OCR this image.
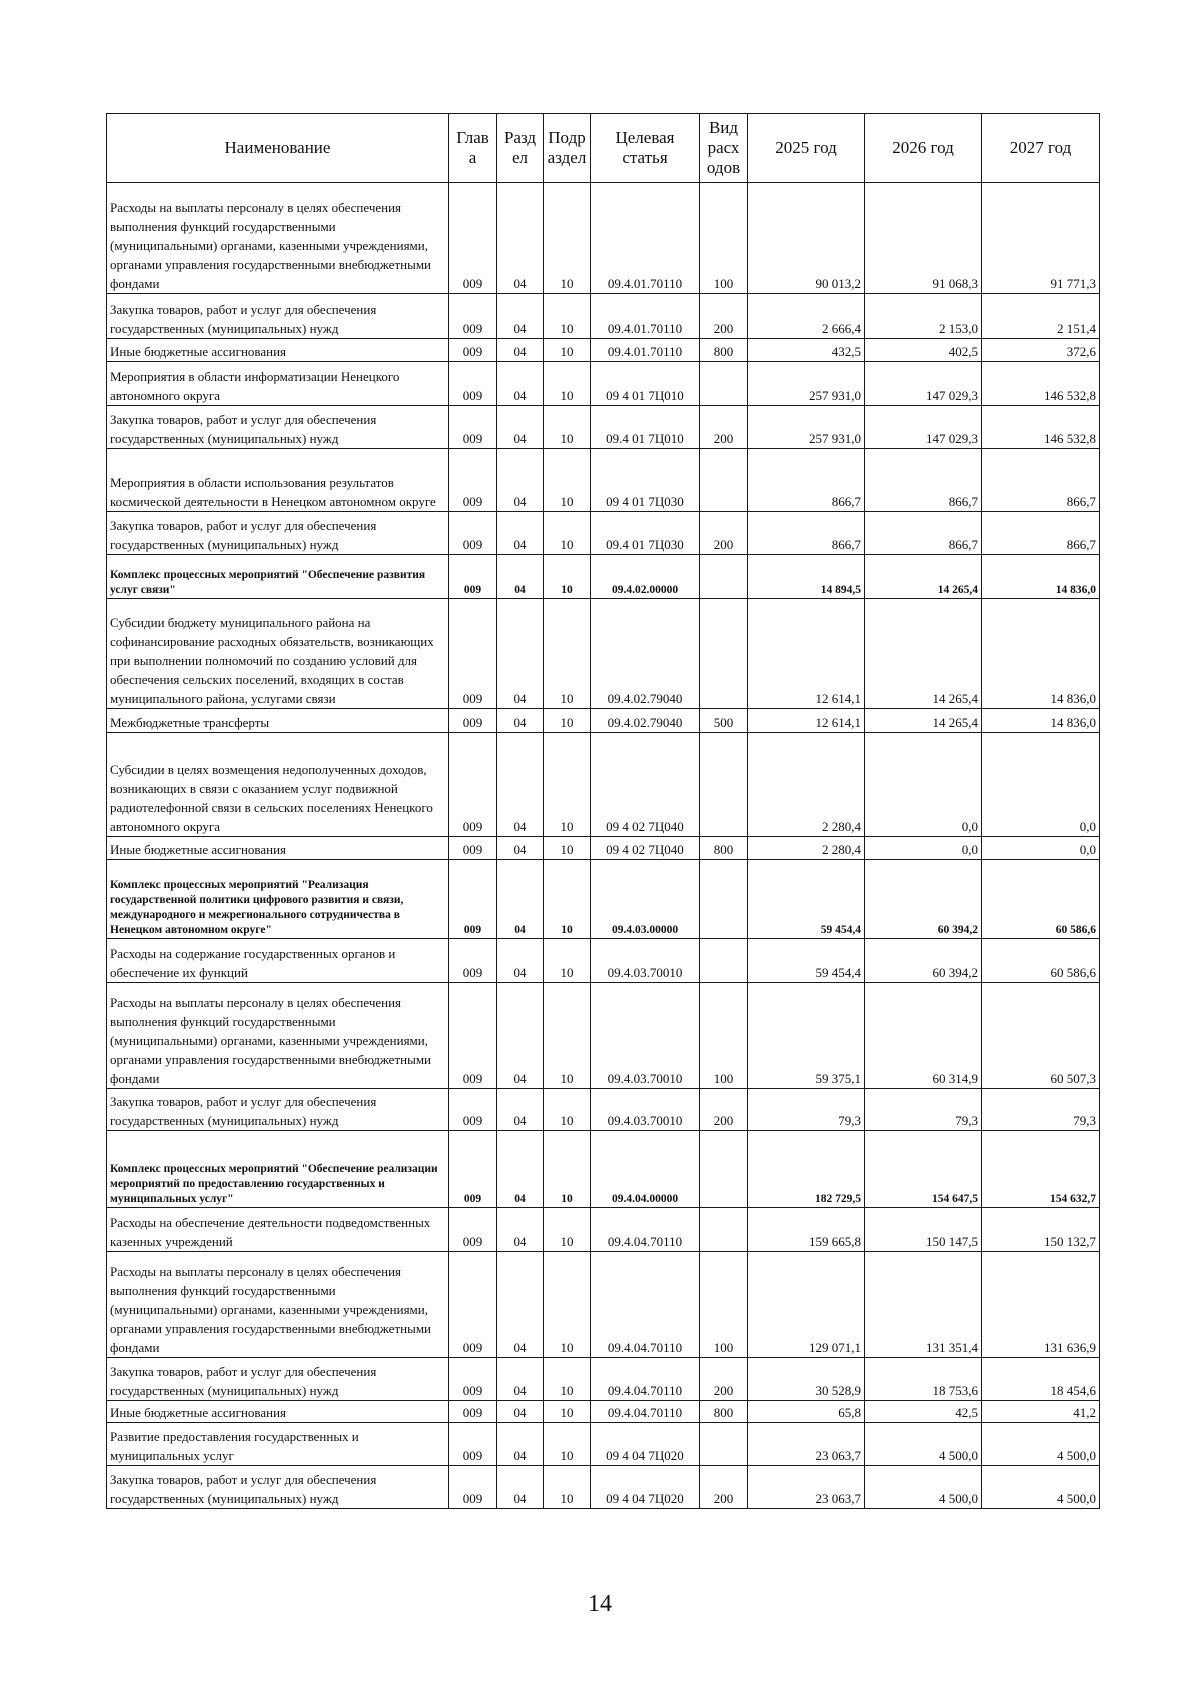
Наименование	Глав а	Разд ел	Подр аздел	Целевая статья	Вид расх одов	2025 год	2026 год	2027 год
Расходы на выплаты персоналу в целях обеспечения выполнения функций государственными (муниципальными) органами, казенными учреждениями, органами управления государственными внебюджетными фондами	009	04	10	09.4.01.70110	100	90 013,2	91 068,3	91 771,3
Закупка товаров, работ и услуг для обеспечения государственных (муниципальных) нужд	009	04	10	09.4.01.70110	200	2 666,4	2 153,0	2 151,4
Иные бюджетные ассигнования	009	04	10	09.4.01.70110	800	432,5	402,5	372,6
Мероприятия в области информатизации Ненецкого автономного округа	009	04	10	09 4 01 7Ц010		257 931,0	147 029,3	146 532,8
Закупка товаров, работ и услуг для обеспечения государственных (муниципальных) нужд	009	04	10	09.4 01 7Ц010	200	257 931,0	147 029,3	146 532,8
Мероприятия в области использования результатов космической деятельности в Ненецком автономном округе	009	04	10	09 4 01 7Ц030		866,7	866,7	866,7
Закупка товаров, работ и услуг для обеспечения государственных (муниципальных) нужд	009	04	10	09.4 01 7Ц030	200	866,7	866,7	866,7
Комплекс процессных мероприятий "Обеспечение развития услуг связи"	009	04	10	09.4.02.00000		14 894,5	14 265,4	14 836,0
Субсидии бюджету муниципального района на софинансирование расходных обязательств, возникающих при выполнении полномочий по созданию условий для обеспечения сельских поселений, входящих в состав муниципального района, услугами связи	009	04	10	09.4.02.79040		12 614,1	14 265,4	14 836,0
Межбюджетные трансферты	009	04	10	09.4.02.79040	500	12 614,1	14 265,4	14 836,0
Субсидии в целях возмещения недополученных доходов, возникающих в связи с оказанием услуг подвижной радиотелефонной связи в сельских поселениях Ненецкого автономного округа	009	04	10	09 4 02 7Ц040		2 280,4	0,0	0,0
Иные бюджетные ассигнования	009	04	10	09 4 02 7Ц040	800	2 280,4	0,0	0,0
Комплекс процессных мероприятий "Реализация государственной политики цифрового развития и связи, международного и межрегионального сотрудничества в Ненецком автономном округе"	009	04	10	09.4.03.00000		59 454,4	60 394,2	60 586,6
Расходы на содержание государственных органов и обеспечение их функций	009	04	10	09.4.03.70010		59 454,4	60 394,2	60 586,6
Расходы на выплаты персоналу в целях обеспечения выполнения функций государственными (муниципальными) органами, казенными учреждениями, органами управления государственными внебюджетными фондами	009	04	10	09.4.03.70010	100	59 375,1	60 314,9	60 507,3
Закупка товаров, работ и услуг для обеспечения государственных (муниципальных) нужд	009	04	10	09.4.03.70010	200	79,3	79,3	79,3
Комплекс процессных мероприятий "Обеспечение реализации мероприятий по предоставлению государственных и муниципальных услуг"	009	04	10	09.4.04.00000		182 729,5	154 647,5	154 632,7
Расходы на обеспечение деятельности подведомственных казенных учреждений	009	04	10	09.4.04.70110		159 665,8	150 147,5	150 132,7
Расходы на выплаты персоналу в целях обеспечения выполнения функций государственными (муниципальными) органами, казенными учреждениями, органами управления государственными внебюджетными фондами	009	04	10	09.4.04.70110	100	129 071,1	131 351,4	131 636,9
Закупка товаров, работ и услуг для обеспечения государственных (муниципальных) нужд	009	04	10	09.4.04.70110	200	30 528,9	18 753,6	18 454,6
Иные бюджетные ассигнования	009	04	10	09.4.04.70110	800	65,8	42,5	41,2
Развитие предоставления государственных и муниципальных услуг	009	04	10	09 4 04 7Ц020		23 063,7	4 500,0	4 500,0
Закупка товаров, работ и услуг для обеспечения государственных (муниципальных) нужд	009	04	10	09 4 04 7Ц020	200	23 063,7	4 500,0	4 500,0
14
